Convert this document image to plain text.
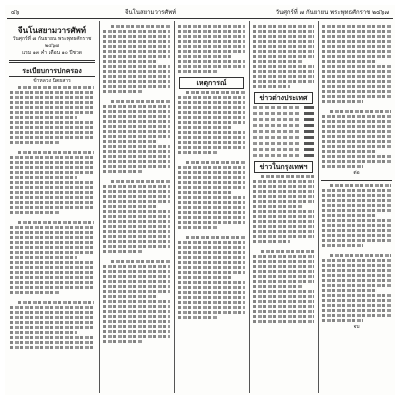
๔๖	จีนโนสยามวารศัพท์	วันศุกร์ที่ ๗ กันยายน พระพุทธศักราช ๒๔๖๗
จีนโนสยามวารศัพท์
วันศุกร์ที่ ๗ กันยายน พระพุทธศักราช ๒๔๖๗
แรม ๑๓ ค่ำ เดือน ๑๐ ปีชวด
ระเบียบการปกครอง
ข้าหลวง นิตยสาร	เหตุการณ์
ข่าวต่างประเทศ
ข่าวในกรุงเทพฯ
ต่อ
จบ
